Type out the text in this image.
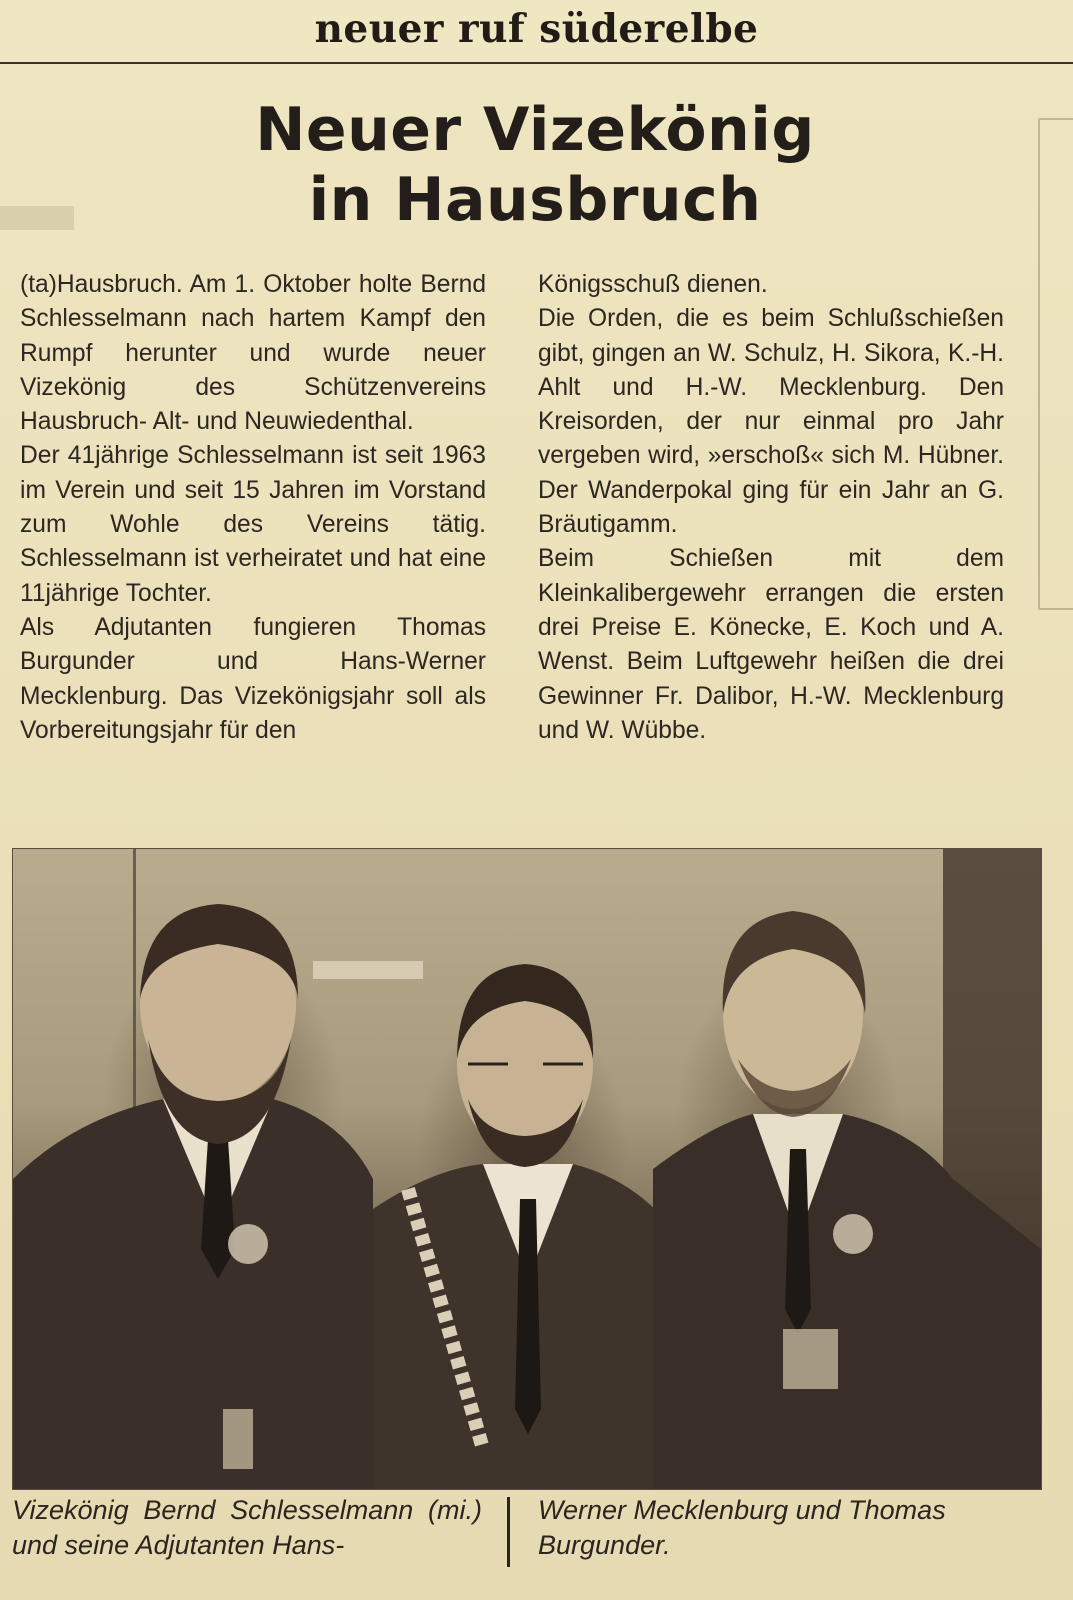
▬
neuer ruf süderelbe
Neuer Vizekönig
in Hausbruch

(ta)Hausbruch. Am 1. Oktober holte Bernd Schlesselmann nach hartem Kampf den Rumpf herunter und wurde neuer Vizekönig des Schützenvereins Hausbruch- Alt- und Neuwiedenthal.

Der 41jährige Schlesselmann ist seit 1963 im Verein und seit 15 Jahren im Vorstand zum Wohle des Vereins tätig. Schlesselmann ist verheiratet und hat eine 11jährige Tochter.

Als Adjutanten fungieren Thomas Burgunder und Hans-Werner Mecklenburg. Das Vizekönigsjahr soll als Vorbereitungsjahr für den

Königsschuß dienen.

Die Orden, die es beim Schlußschießen gibt, gingen an W. Schulz, H. Sikora, K.-H. Ahlt und H.-W. Mecklenburg. Den Kreisorden, der nur einmal pro Jahr vergeben wird, »erschoß« sich M. Hübner. Der Wanderpokal ging für ein Jahr an G. Bräutigamm.

Beim Schießen mit dem Kleinkalibergewehr errangen die ersten drei Preise E. Könecke, E. Koch und A. Wenst. Beim Luftgewehr heißen die drei Gewinner Fr. Dalibor, H.-W. Mecklenburg und W. Wübbe.

Vizekönig Bernd Schlesselmann (mi.) und seine Adjutanten Hans-

Werner Mecklenburg und Thomas Burgunder.
